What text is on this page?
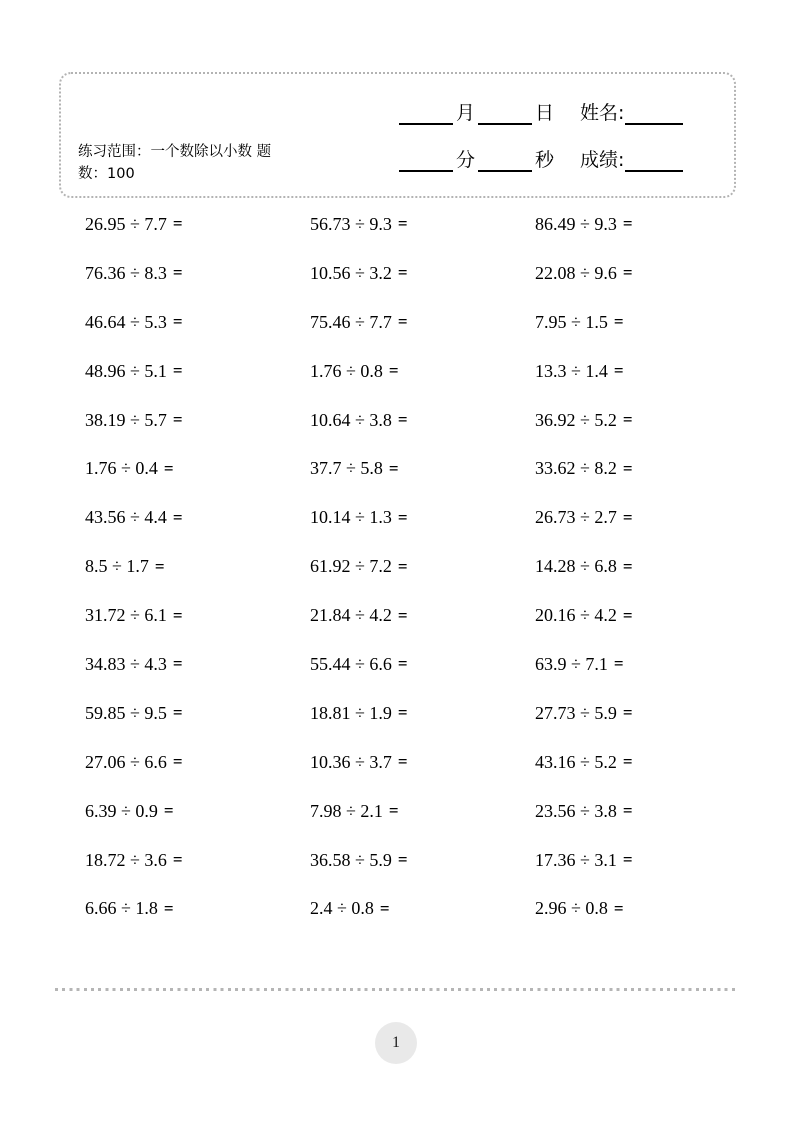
练习范围：一个数除以小数 题
数：100
月	日 姓名:
分	秒 成绩:
26.95 ÷ 7.7 =	56.73 ÷ 9.3 =	86.49 ÷ 9.3 =
76.36 ÷ 8.3 =	10.56 ÷ 3.2 =	22.08 ÷ 9.6 =
46.64 ÷ 5.3 =	75.46 ÷ 7.7 =	7.95 ÷ 1.5 =
48.96 ÷ 5.1 =	1.76 ÷ 0.8 =	13.3 ÷ 1.4 =
38.19 ÷ 5.7 =	10.64 ÷ 3.8 =	36.92 ÷ 5.2 =
1.76 ÷ 0.4 =	37.7 ÷ 5.8 =	33.62 ÷ 8.2 =
43.56 ÷ 4.4 =	10.14 ÷ 1.3 =	26.73 ÷ 2.7 =
8.5 ÷ 1.7 =	61.92 ÷ 7.2 =	14.28 ÷ 6.8 =
31.72 ÷ 6.1 =	21.84 ÷ 4.2 =	20.16 ÷ 4.2 =
34.83 ÷ 4.3 =	55.44 ÷ 6.6 =	63.9 ÷ 7.1 =
59.85 ÷ 9.5 =	18.81 ÷ 1.9 =	27.73 ÷ 5.9 =
27.06 ÷ 6.6 =	10.36 ÷ 3.7 =	43.16 ÷ 5.2 =
6.39 ÷ 0.9 =	7.98 ÷ 2.1 =	23.56 ÷ 3.8 =
18.72 ÷ 3.6 =	36.58 ÷ 5.9 =	17.36 ÷ 3.1 =
6.66 ÷ 1.8 =	2.4 ÷ 0.8 =	2.96 ÷ 0.8 =
1
